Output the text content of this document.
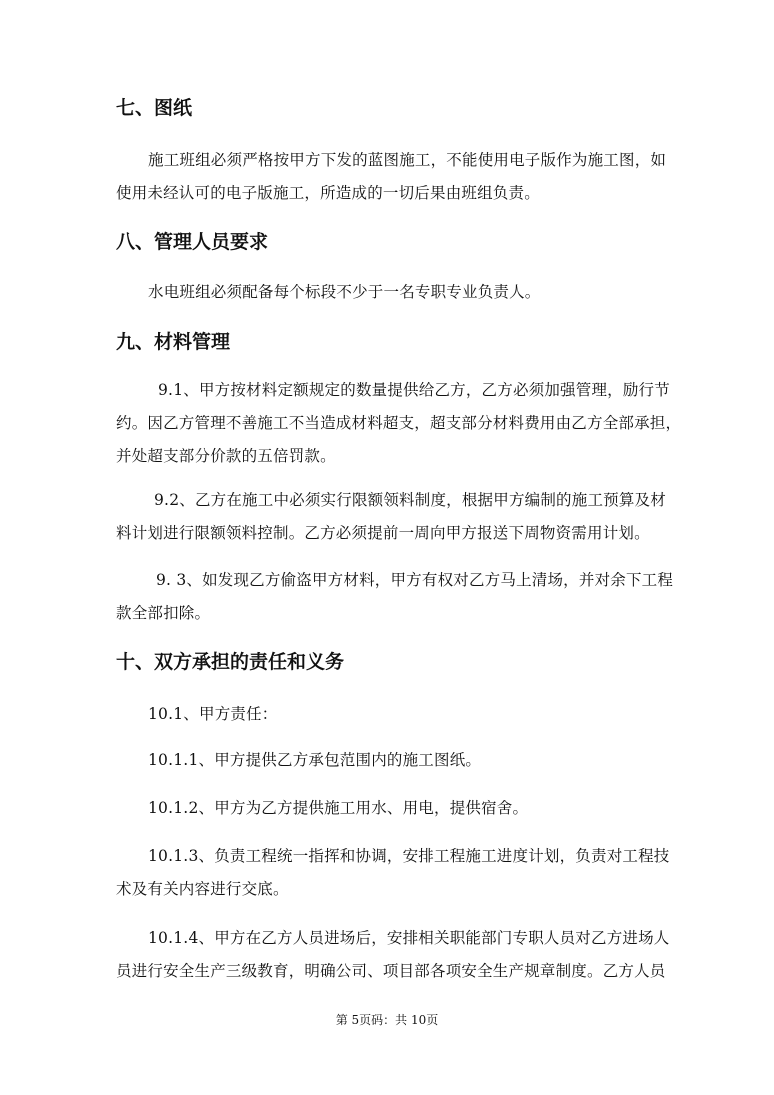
七、图纸
施工班组必须严格按甲方下发的蓝图施工，不能使用电子版作为施工图，如
使用未经认可的电子版施工，所造成的一切后果由班组负责。
八、管理人员要求
水电班组必须配备每个标段不少于一名专职专业负责人。
九、材料管理
9.1、甲方按材料定额规定的数量提供给乙方，乙方必须加强管理，励行节
约。因乙方管理不善施工不当造成材料超支，超支部分材料费用由乙方全部承担，
并处超支部分价款的五倍罚款。
9.2、乙方在施工中必须实行限额领料制度，根据甲方编制的施工预算及材
料计划进行限额领料控制。乙方必须提前一周向甲方报送下周物资需用计划。
9. 3、如发现乙方偷盗甲方材料，甲方有权对乙方马上清场，并对余下工程
款全部扣除。
十、双方承担的责任和义务
10.1、甲方责任：
10.1.1、甲方提供乙方承包范围内的施工图纸。
10.1.2、甲方为乙方提供施工用水、用电，提供宿舍。
10.1.3、负责工程统一指挥和协调，安排工程施工进度计划，负责对工程技
术及有关内容进行交底。
10.1.4、甲方在乙方人员进场后，安排相关职能部门专职人员对乙方进场人
员进行安全生产三级教育，明确公司、项目部各项安全生产规章制度。乙方人员
第 5页码：共 10页
